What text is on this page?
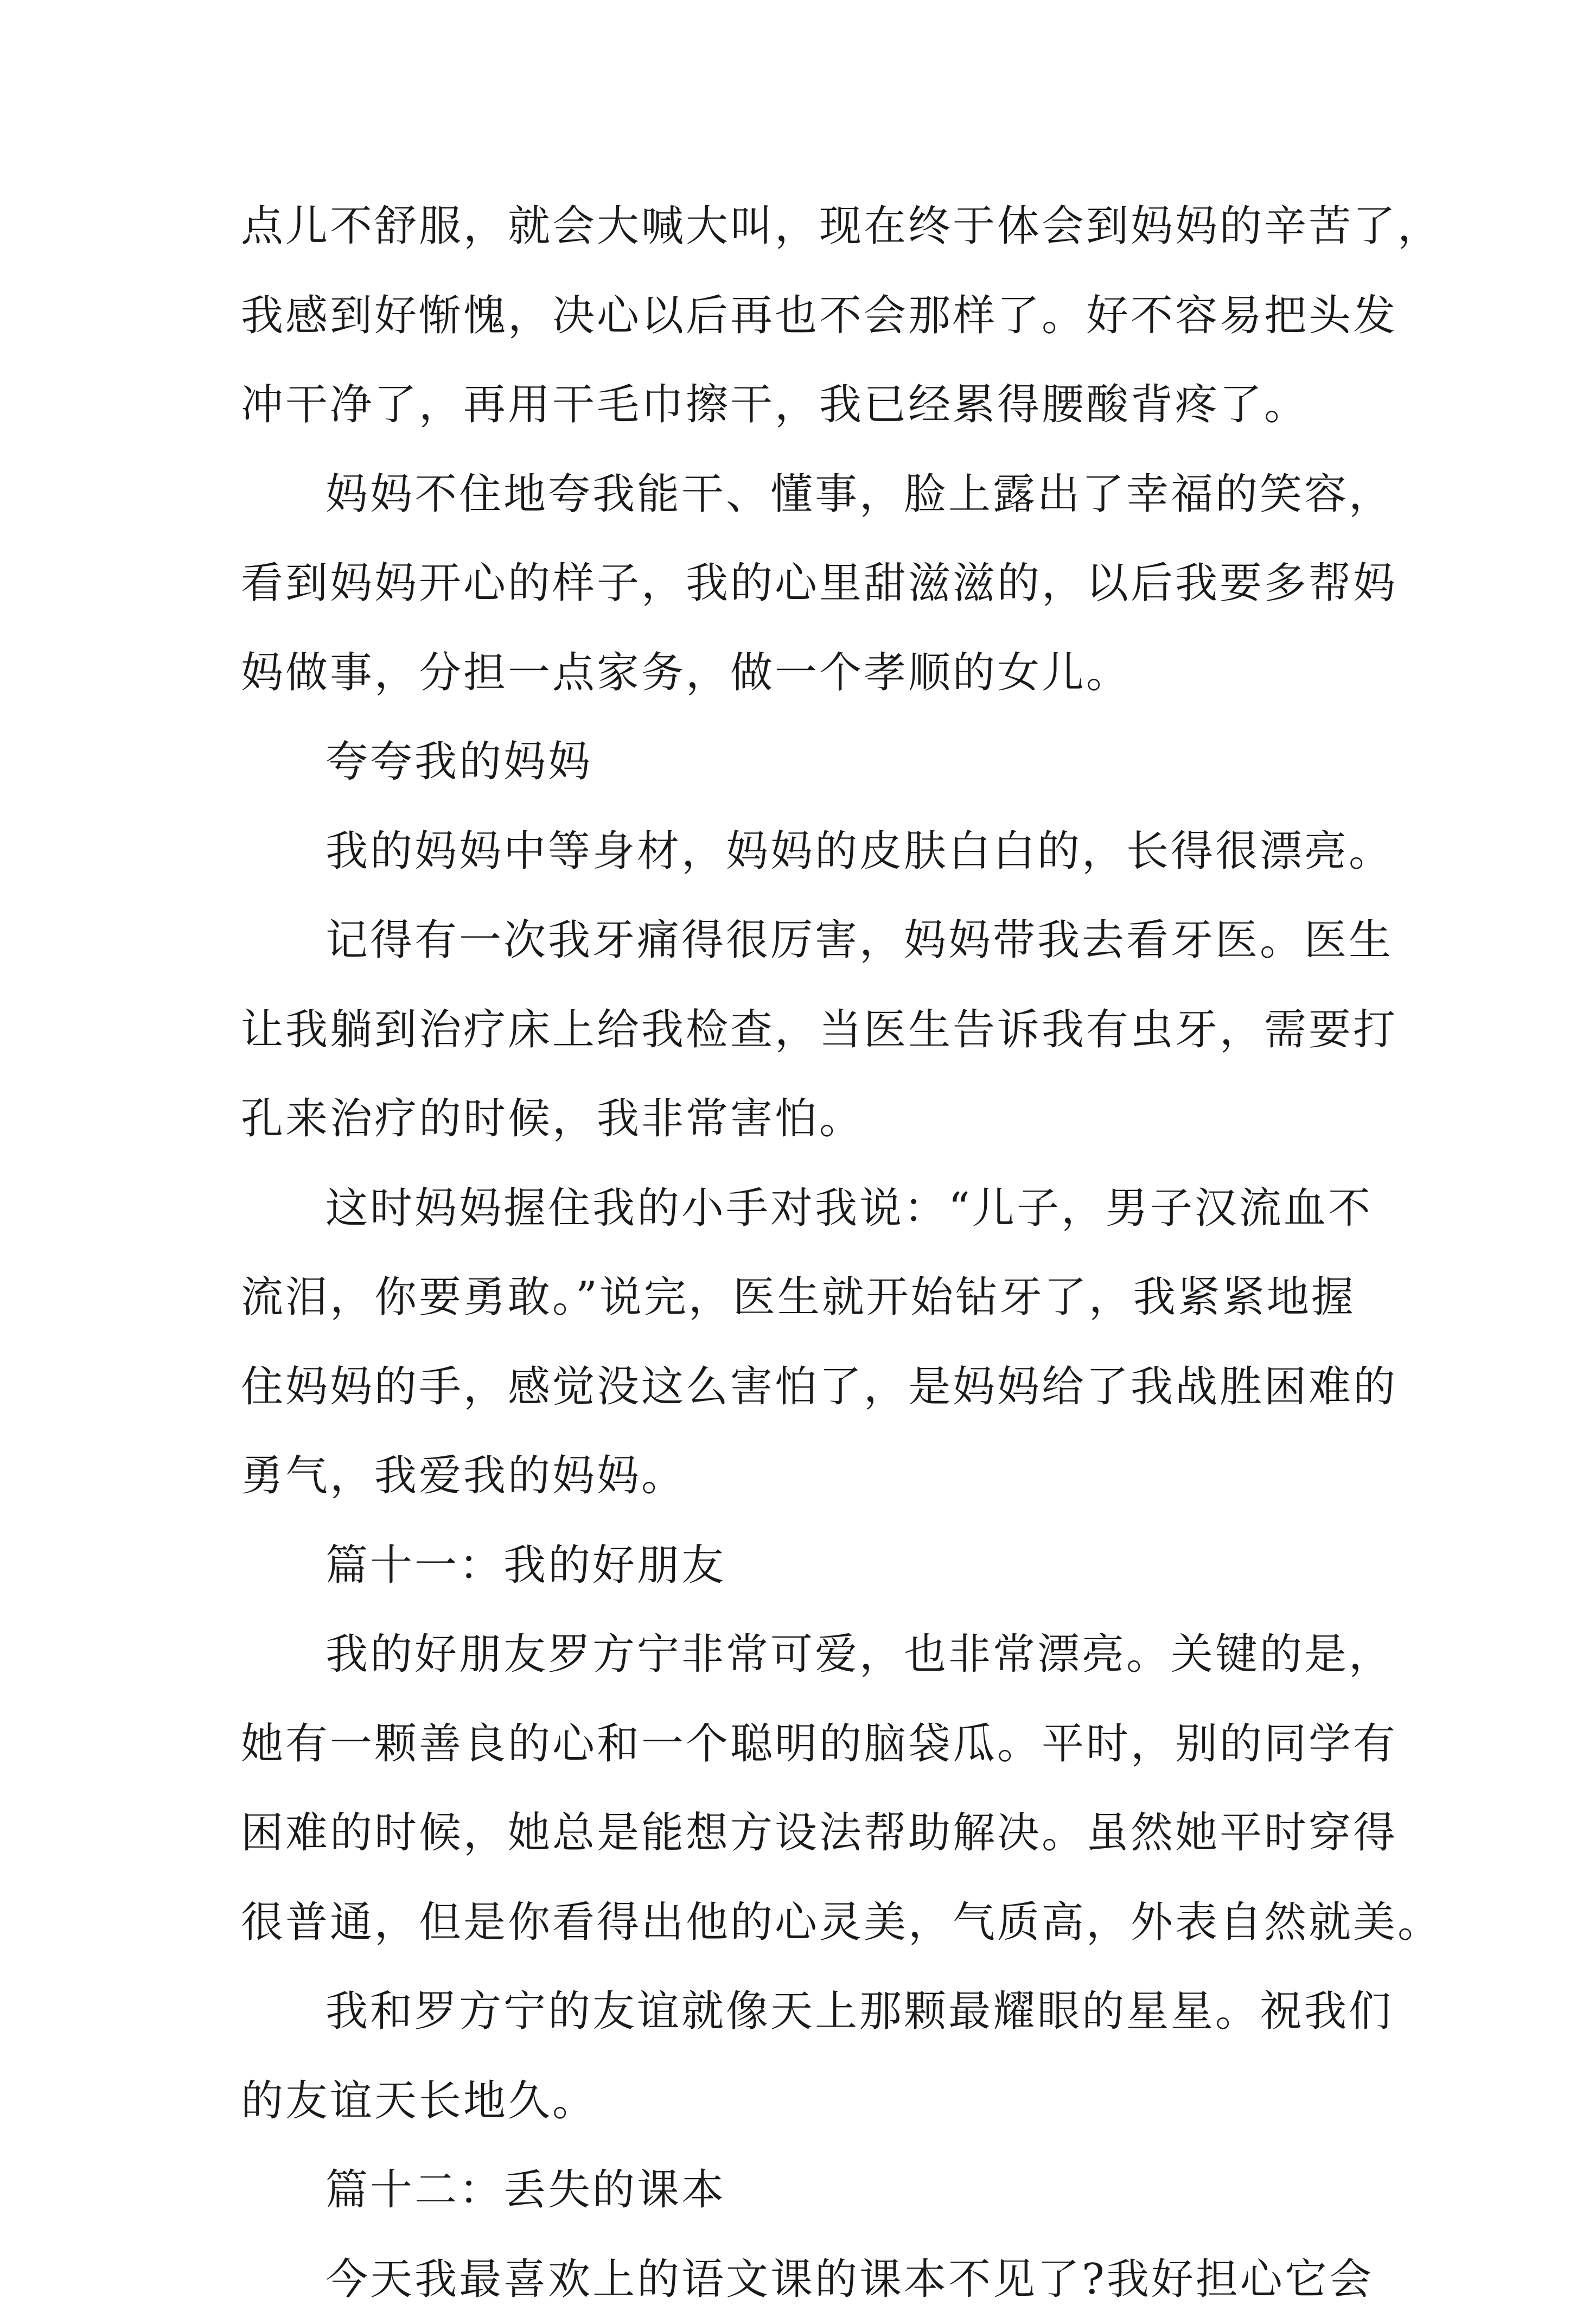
点儿不舒服，就会大喊大叫，现在终于体会到妈妈的辛苦了，
我感到好惭愧，决心以后再也不会那样了。好不容易把头发
冲干净了，再用干毛巾擦干，我已经累得腰酸背疼了。
妈妈不住地夸我能干、懂事，脸上露出了幸福的笑容，
看到妈妈开心的样子，我的心里甜滋滋的，以后我要多帮妈
妈做事，分担一点家务，做一个孝顺的女儿。
夸夸我的妈妈
我的妈妈中等身材，妈妈的皮肤白白的，长得很漂亮。
记得有一次我牙痛得很厉害，妈妈带我去看牙医。医生
让我躺到治疗床上给我检查，当医生告诉我有虫牙，需要打
孔来治疗的时候，我非常害怕。
这时妈妈握住我的小手对我说：“儿子，男子汉流血不
流泪，你要勇敢。”说完，医生就开始钻牙了，我紧紧地握
住妈妈的手，感觉没这么害怕了，是妈妈给了我战胜困难的
勇气，我爱我的妈妈。
篇十一：我的好朋友
我的好朋友罗方宁非常可爱，也非常漂亮。关键的是，
她有一颗善良的心和一个聪明的脑袋瓜。平时，别的同学有
困难的时候，她总是能想方设法帮助解决。虽然她平时穿得
很普通，但是你看得出他的心灵美，气质高，外表自然就美。
我和罗方宁的友谊就像天上那颗最耀眼的星星。祝我们
的友谊天长地久。
篇十二：丢失的课本
今天我最喜欢上的语文课的课本不见了?我好担心它会
